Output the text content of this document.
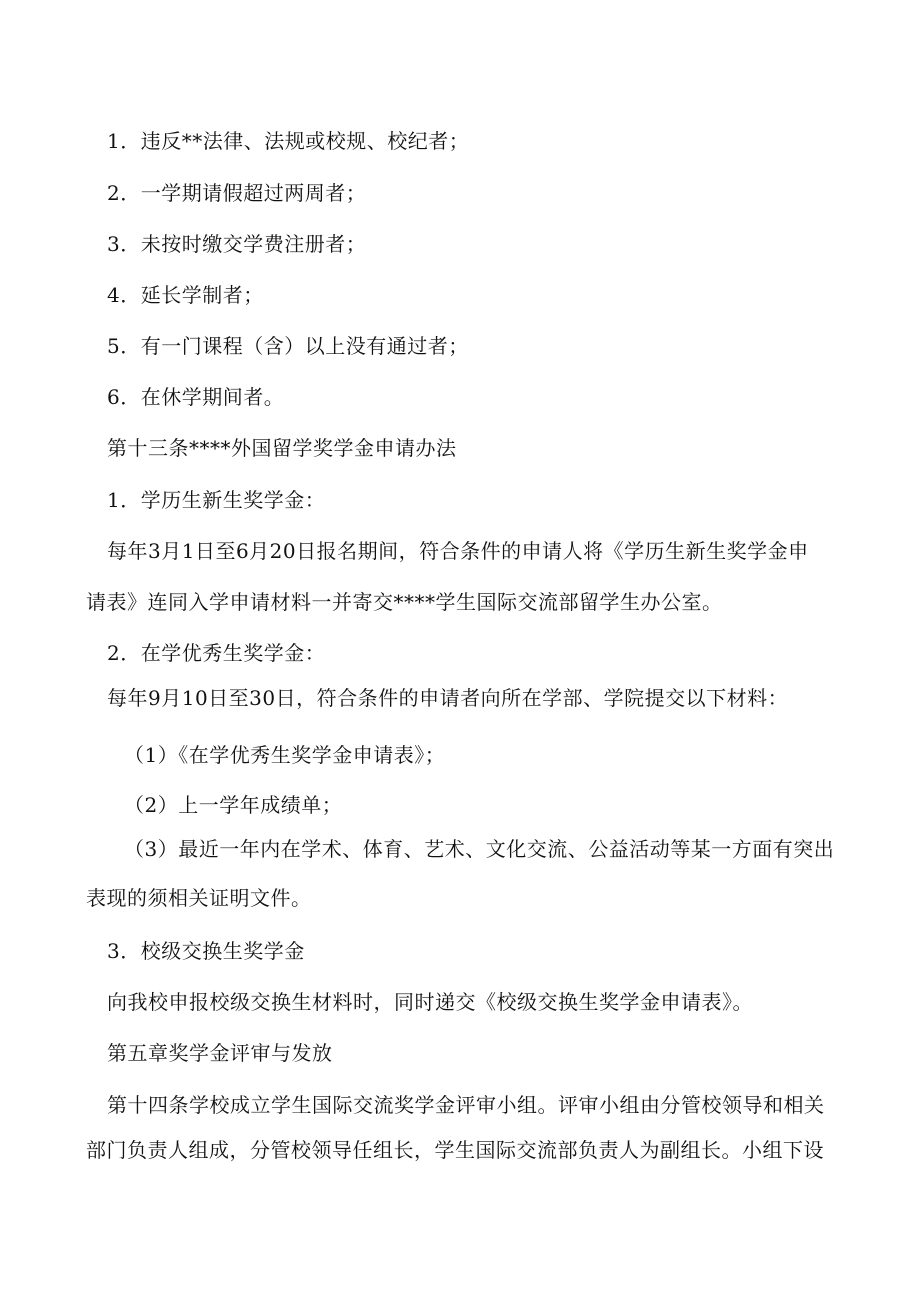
1．违反**法律、法规或校规、校纪者；
2．一学期请假超过两周者；
3．未按时缴交学费注册者；
4．延长学制者；
5．有一门课程（含）以上没有通过者；
6．在休学期间者。
第十三条****外国留学奖学金申请办法
1．学历生新生奖学金：
每年3月1日至6月20日报名期间，符合条件的申请人将《学历生新生奖学金申
请表》连同入学申请材料一并寄交****学生国际交流部留学生办公室。
2．在学优秀生奖学金：
每年9月10日至30日，符合条件的申请者向所在学部、学院提交以下材料：
（1）《在学优秀生奖学金申请表》；
（2）上一学年成绩单；
（3）最近一年内在学术、体育、艺术、文化交流、公益活动等某一方面有突出
表现的须相关证明文件。
3．校级交换生奖学金
向我校申报校级交换生材料时，同时递交《校级交换生奖学金申请表》。
第五章奖学金评审与发放
第十四条学校成立学生国际交流奖学金评审小组。评审小组由分管校领导和相关
部门负责人组成，分管校领导任组长，学生国际交流部负责人为副组长。小组下设
